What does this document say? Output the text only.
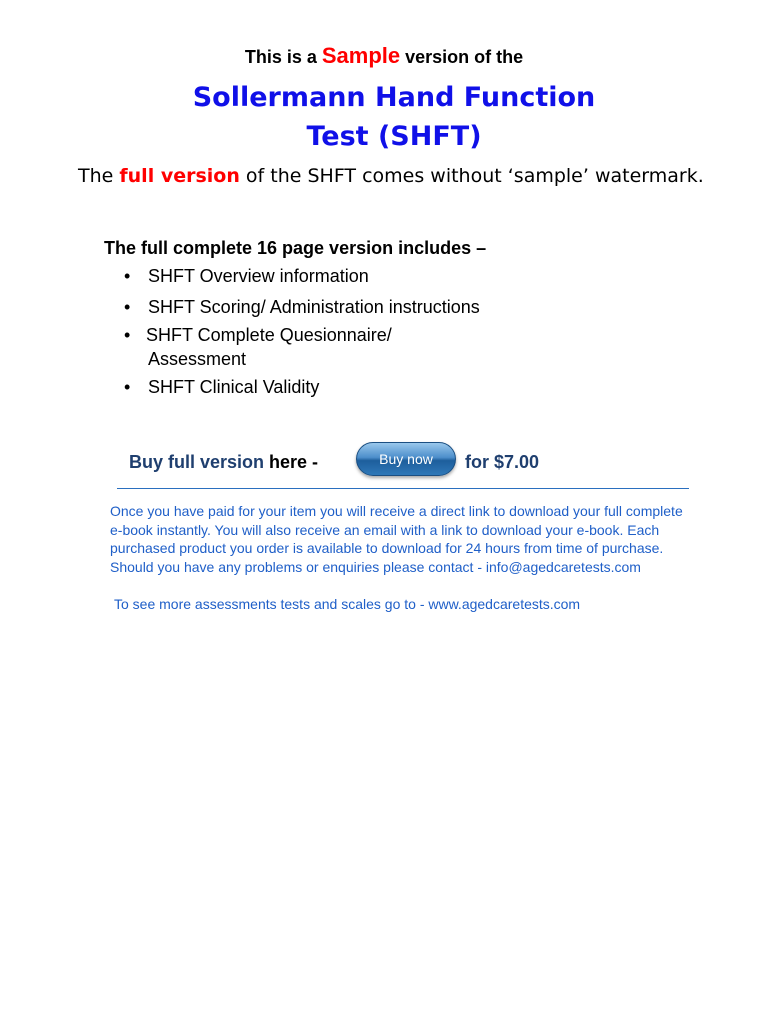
This is a Sample version of the
Sollermann Hand Function
Test (SHFT)
The full version of the SHFT comes without ‘sample’ watermark.
The full complete 16 page version includes –
• SHFT Overview information
• SHFT Scoring/ Administration instructions
• SHFT Complete Quesionnaire/
• SHFT Clinical Validity
Assessment
Buy full version here -	Buy now	for $7.00
Once you have paid for your item you will receive a direct link to download your full complete e-book instantly. You will also receive an email with a link to download your e-book. Each purchased product you order is available to download for 24 hours from time of purchase. Should you have any problems or enquiries please contact - info@agedcaretests.com
To see more assessments tests and scales go to - www.agedcaretests.com
